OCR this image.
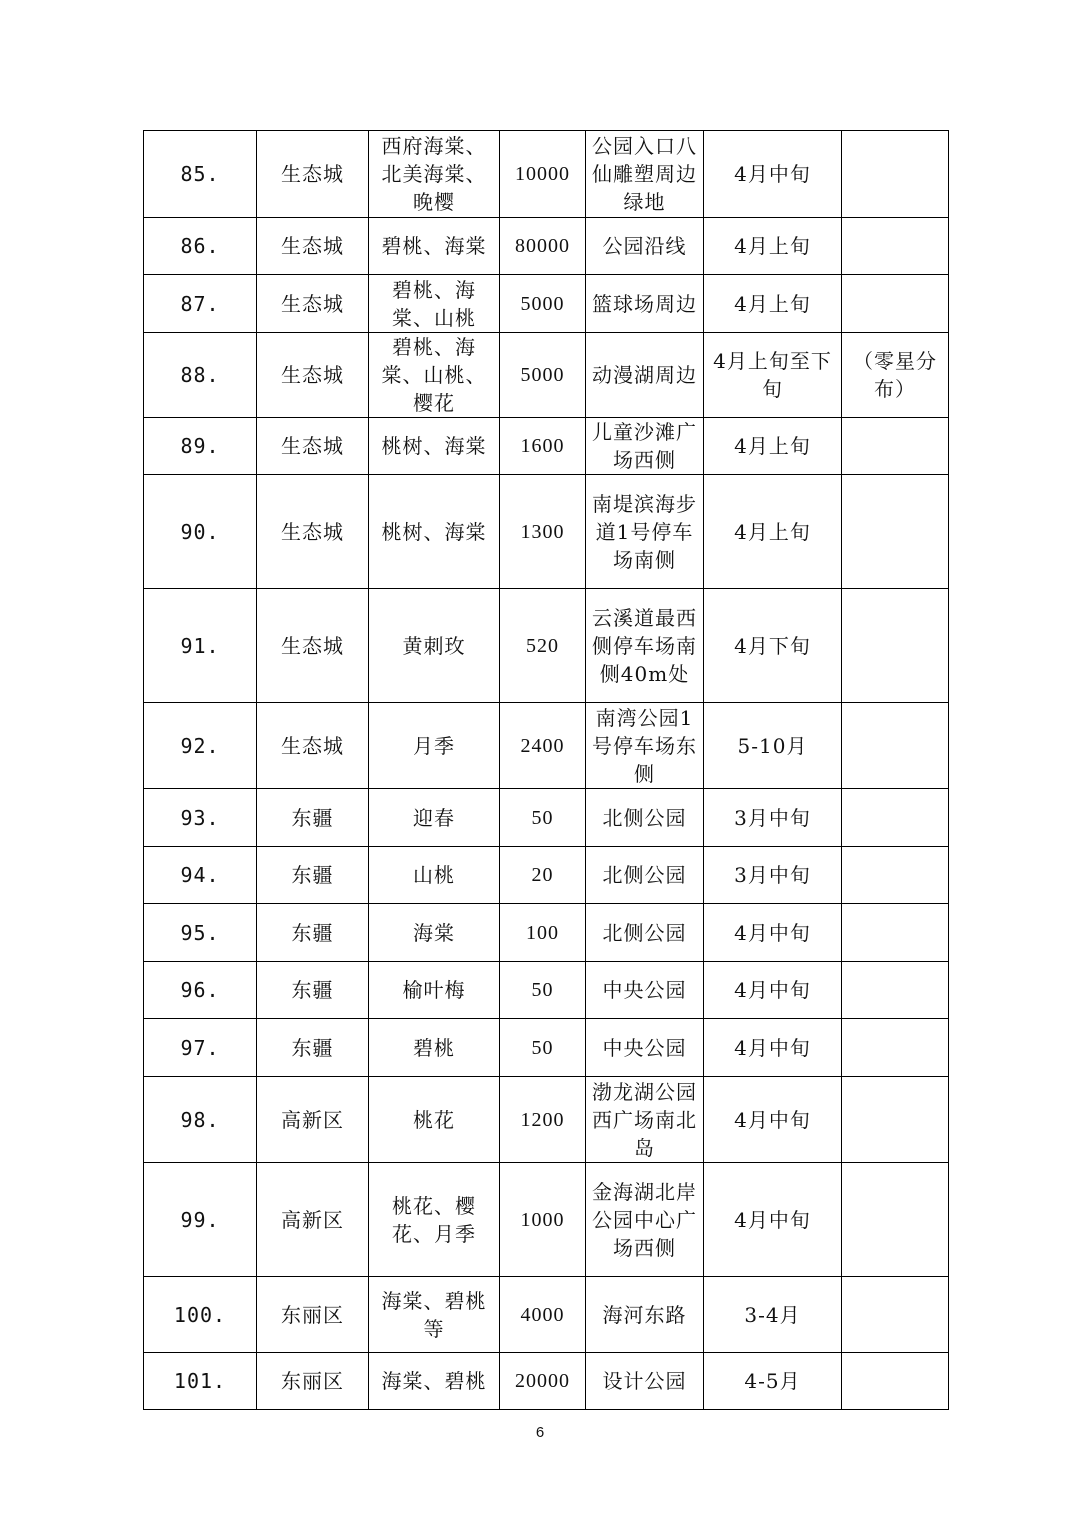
85.	生态城	西府海棠、北美海棠、晚樱	10000	公园入口八仙雕塑周边绿地	4月中旬	
86.	生态城	碧桃、海棠	80000	公园沿线	4月上旬	
87.	生态城	碧桃、海棠、山桃	5000	篮球场周边	4月上旬	
88.	生态城	碧桃、海棠、山桃、樱花	5000	动漫湖周边	4月上旬至下旬	（零星分布）
89.	生态城	桃树、海棠	1600	儿童沙滩广场西侧	4月上旬	
90.	生态城	桃树、海棠	1300	南堤滨海步道1号停车场南侧	4月上旬	
91.	生态城	黄刺玫	520	云溪道最西侧停车场南侧40m处	4月下旬	
92.	生态城	月季	2400	南湾公园1号停车场东侧	5-10月	
93.	东疆	迎春	50	北侧公园	3月中旬	
94.	东疆	山桃	20	北侧公园	3月中旬	
95.	东疆	海棠	100	北侧公园	4月中旬	
96.	东疆	榆叶梅	50	中央公园	4月中旬	
97.	东疆	碧桃	50	中央公园	4月中旬	
98.	高新区	桃花	1200	渤龙湖公园西广场南北岛	4月中旬	
99.	高新区	桃花、樱花、月季	1000	金海湖北岸公园中心广场西侧	4月中旬	
100.	东丽区	海棠、碧桃等	4000	海河东路	3-4月	
101.	东丽区	海棠、碧桃	20000	设计公园	4-5月	
6
